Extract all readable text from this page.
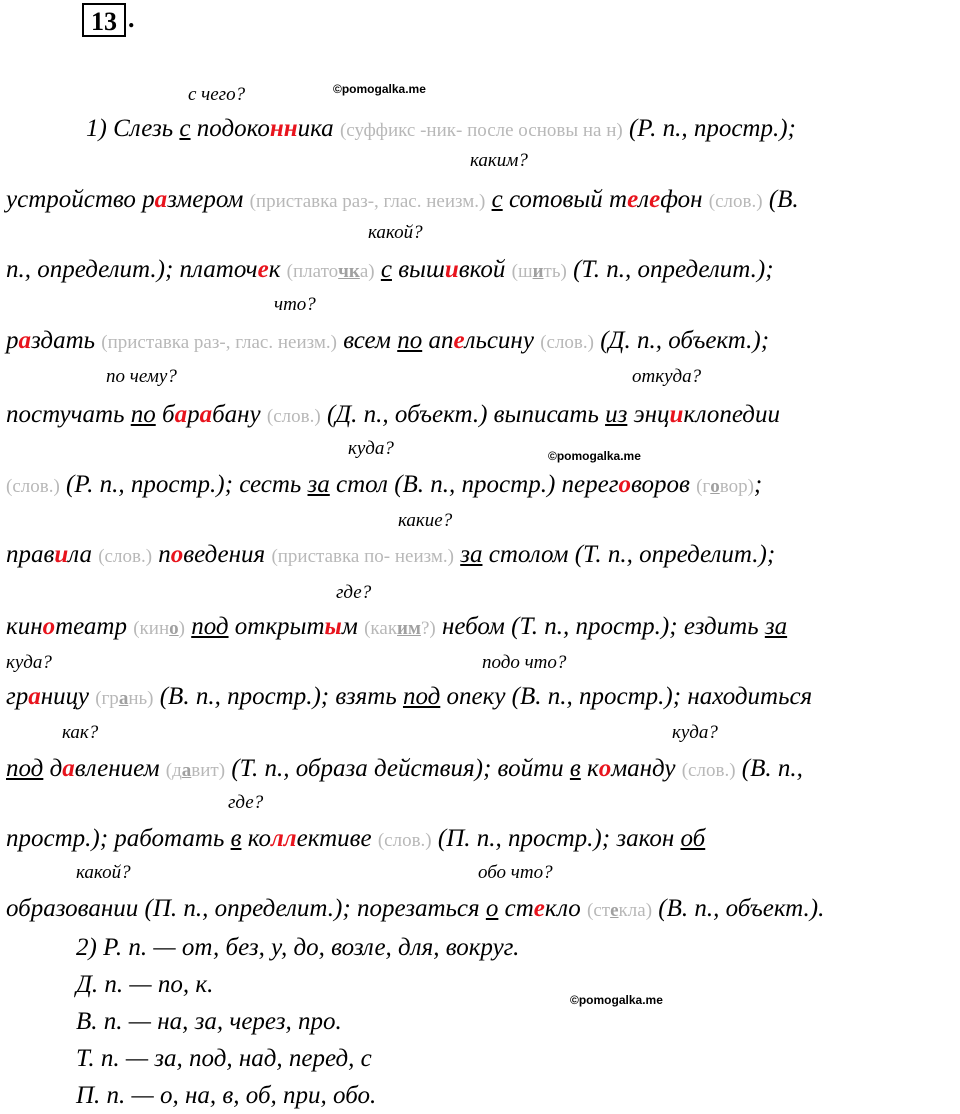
13 .
©pomogalka.me
©pomogalka.me
©pomogalka.me
с чего?
каким?
какой?
что?
по чему?	откуда?
куда?
какие?
где?
куда?	подо что?
как?	куда?
где?
какой?	обо что?
1) Слезь с подоконника (суффикс -ник- после основы на н) (Р. п., простр.);
устройство размером (приставка раз-, глас. неизм.) с сотовый телефон (слов.) (В.
п., определит.); платочек (платочка) с вышивкой (шить) (Т. п., определит.);
раздать (приставка раз-, глас. неизм.) всем по апельсину (слов.) (Д. п., объект.);
постучать по барабану (слов.) (Д. п., объект.) выписать из энциклопедии
(слов.) (Р. п., простр.); сесть за стол (В. п., простр.) переговоров (говор);
правила (слов.) поведения (приставка по- неизм.) за столом (Т. п., определит.);
кинотеатр (кино) под открытым (каким?) небом (Т. п., простр.); ездить за
границу (грань) (В. п., простр.); взять под опеку (В. п., простр.); находиться
под давлением (давит) (Т. п., образа действия); войти в команду (слов.) (В. п.,
простр.); работать в коллективе (слов.) (П. п., простр.); закон об
образовании (П. п., определит.); порезаться о стекло (стекла) (В. п., объект.).
2) Р. п. — от, без, у, до, возле, для, вокруг.
Д. п. — по, к.
В. п. — на, за, через, про.
Т. п. — за, под, над, перед, с
П. п. — о, на, в, об, при, обо.
